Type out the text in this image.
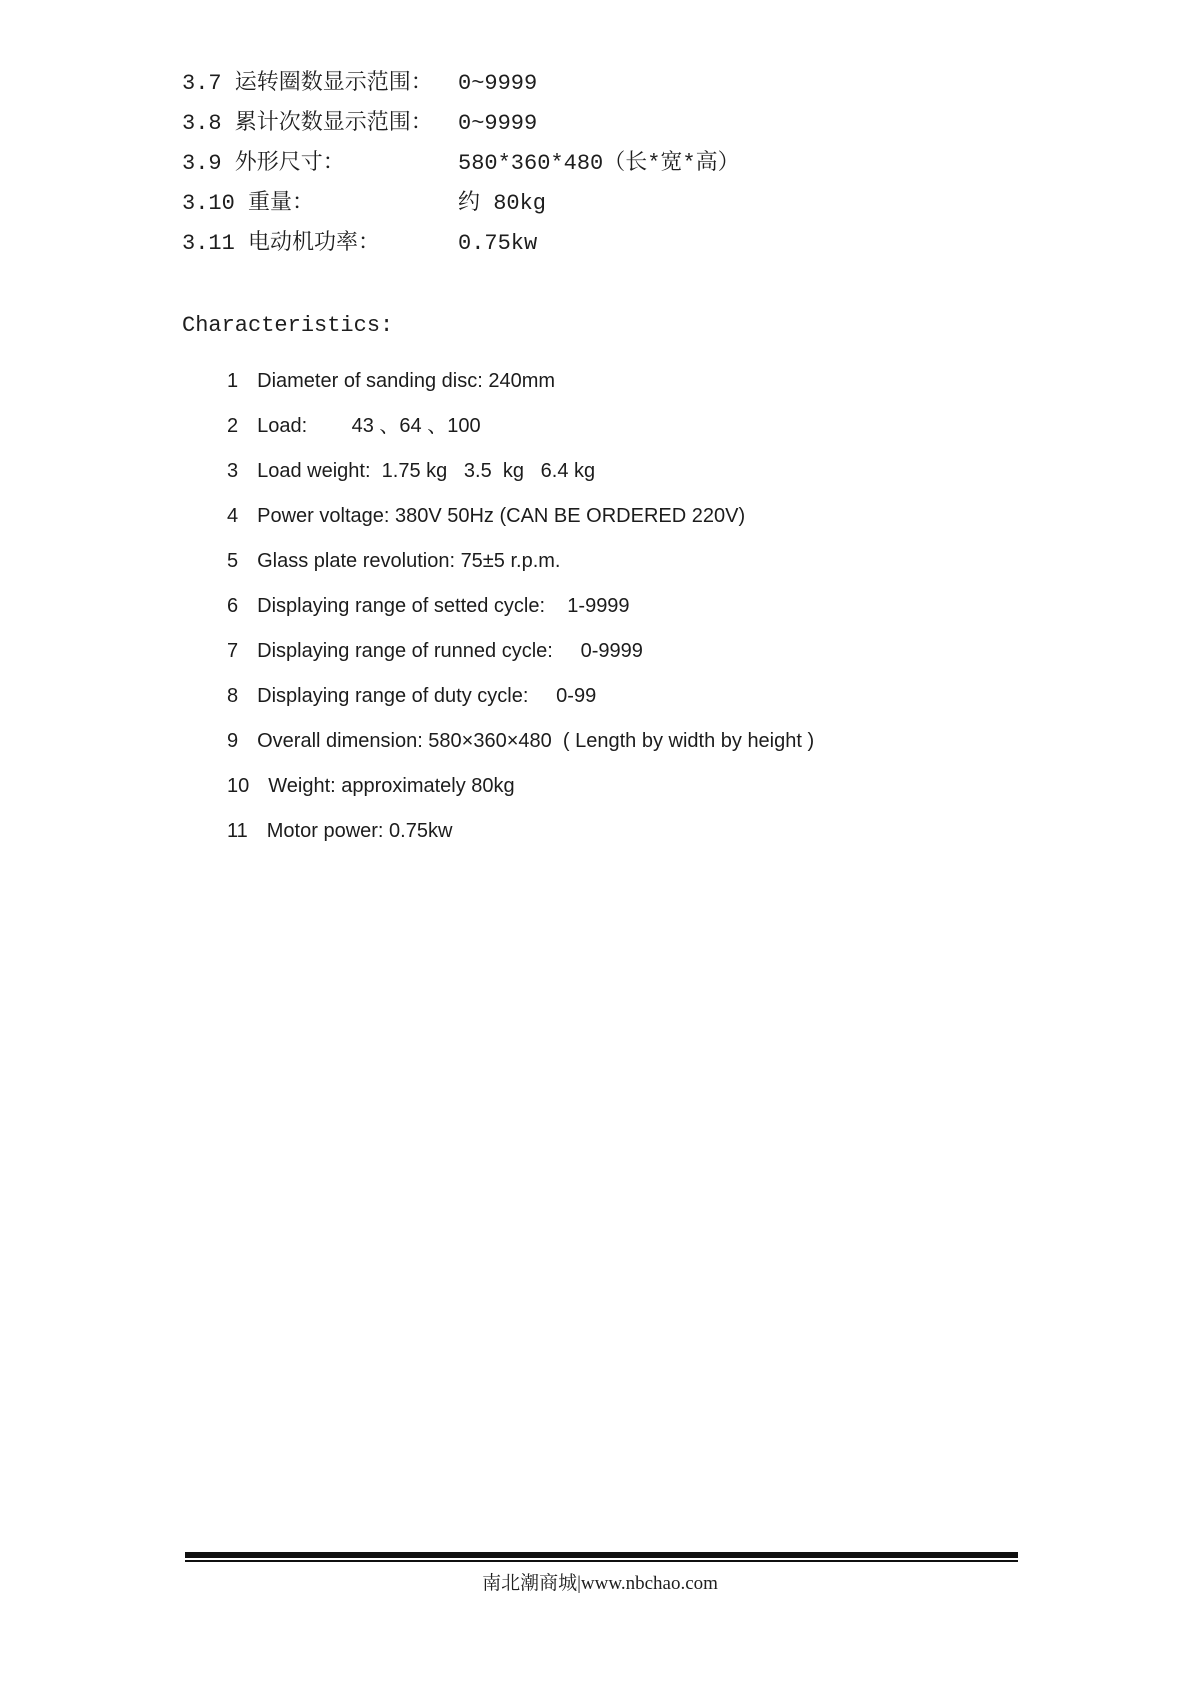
3.7 运转圈数显示范围：	0~9999
3.8 累计次数显示范围：	0~9999
3.9 外形尺寸：	580*360*480（长*宽*高）
3.10 重量：	约 80kg
3.11 电动机功率：	0.75kw
Characteristics:
1 Diameter of sanding disc: 240mm
2 Load:        43 、64 、100
3 Load weight:  1.75 kg   3.5  kg   6.4 kg
4 Power voltage: 380V 50Hz (CAN BE ORDERED 220V)
5 Glass plate revolution: 75±5 r.p.m.
6 Displaying range of setted cycle:    1-9999
7 Displaying range of runned cycle:     0-9999
8 Displaying range of duty cycle:     0-99
9 Overall dimension: 580×360×480  ( Length by width by height )
10 Weight: approximately 80kg
11 Motor power: 0.75kw
南北潮商城|www.nbchao.com
